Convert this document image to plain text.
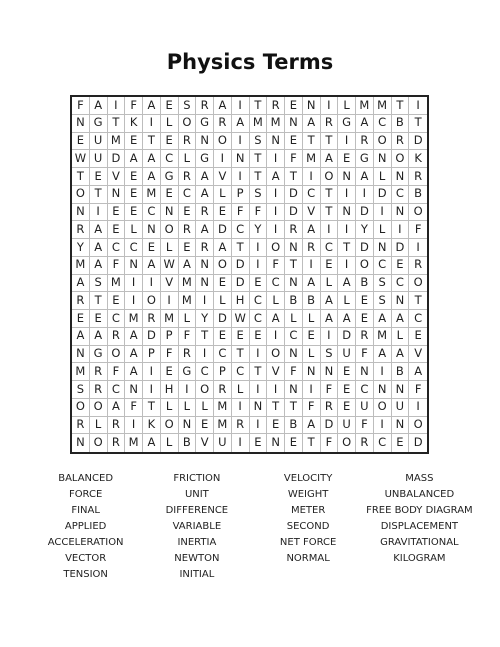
Physics Terms
F A	I	F A E S R A	I	T R E N	I	L M M T	I
N G T K	I	L O G R A M M N A R G A C B T
E U M E T E R N O	I	S N E T T	I	R O R D
W U D A A C L G	I	N T	I	F M A E G N O K
T E V E A G R A V	I	T A T	I	O N A L N R
O T N E M E C A L P S	I	D C T	I	I	D C B
N	I	E E C N E R E F F	I	D V T N D	I	N O
R A E L N O R A D C Y	I	R A	I	I	Y L	I	F
Y A C C E L E R A T	I	O N R C T D N D	I
M A F N A W A N O D	I	F T	I	E	I	O C E R
A S M I	I	V M N E D E C N A L A B S C O
R T E	I	O	I M I	L H C L B B A L E S N T
E E C M R M L Y D W C A L L A A E A A C
A A R A D P F T E E E	I	C E	I	D R M L E
N G O A P F R	I	C T	I	O N L S U F A A V
M R F A	I	E G C P C T V F N N E N	I	B A
S R C N	I	H	I	O R L	I	I	N	I	F E C N N F
O O A F T L L L M I	N T T F R E U O U	I
R L R	I	K O N E M R	I	E B A D U F	I	N O
N O R M A L B V U	I	E N E T F O R C E D
BALANCED	FRICTION	VELOCITY	MASS
FORCE	UNIT	WEIGHT	UNBALANCED
FINAL	DIFFERENCE	METER	FREE BODY DIAGRAM
APPLIED	VARIABLE	SECOND	DISPLACEMENT
ACCELERATION	INERTIA	NET FORCE	GRAVITATIONAL
VECTOR	NEWTON	NORMAL	KILOGRAM
TENSION	INITIAL
